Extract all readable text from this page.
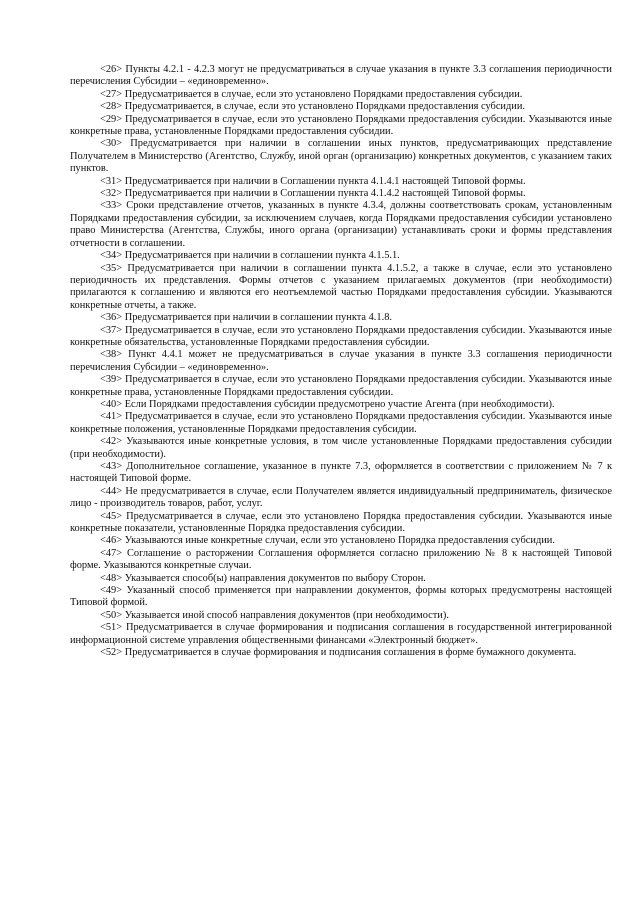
<26> Пункты 4.2.1 - 4.2.3 могут не предусматриваться в случае указания в пункте 3.3 соглашения периодичности перечисления Субсидии – «единовременно».

<27> Предусматривается в случае, если это установлено Порядками предоставления субсидии.

<28> Предусматривается, в случае, если это установлено Порядками предоставления субсидии.

<29> Предусматривается в случае, если это установлено Порядками предоставления субсидии. Указываются иные конкретные права, установленные Порядками предоставления субсидии.

<30> Предусматривается при наличии в соглашении иных пунктов, предусматривающих представление Получателем в Министерство (Агентство, Службу, иной орган (организацию) конкретных документов, с указанием таких пунктов.

<31> Предусматривается при наличии в Соглашении пункта 4.1.4.1 настоящей Типовой формы.

<32> Предусматривается при наличии в Соглашении пункта 4.1.4.2 настоящей Типовой формы.

<33> Сроки представление отчетов, указанных в пункте 4.3.4, должны соответствовать срокам, установленным Порядками предоставления субсидии, за исключением случаев, когда Порядками предоставления субсидии установлено право Министерства (Агентства, Службы, иного органа (организации) устанавливать сроки и формы представления отчетности в соглашении.

<34> Предусматривается при наличии в соглашении пункта 4.1.5.1.

<35> Предусматривается при наличии в соглашении пункта 4.1.5.2, а также в случае, если это установлено периодичность их представления. Формы отчетов с указанием прилагаемых документов (при необходимости) прилагаются к соглашению и являются его неотъемлемой частью Порядками предоставления субсидии. Указываются конкретные отчеты, а также.

<36> Предусматривается при наличии в соглашении пункта 4.1.8.

<37> Предусматривается в случае, если это установлено Порядками предоставления субсидии. Указываются иные конкретные обязательства, установленные Порядками предоставления субсидии.

<38> Пункт 4.4.1 может не предусматриваться в случае указания в пункте 3.3 соглашения периодичности перечисления Субсидии – «единовременно».

<39> Предусматривается в случае, если это установлено Порядками предоставления субсидии. Указываются иные конкретные права, установленные Порядками предоставления субсидии.

<40> Если Порядками предоставления субсидии предусмотрено участие Агента (при необходимости).

<41> Предусматривается в случае, если это установлено Порядками предоставления субсидии. Указываются иные конкретные положения, установленные Порядками предоставления субсидии.

<42> Указываются иные конкретные условия, в том числе установленные Порядками предоставления субсидии (при необходимости).

<43> Дополнительное соглашение, указанное в пункте 7.3, оформляется в соответствии с приложением № 7 к настоящей Типовой форме.

<44> Не предусматривается в случае, если Получателем является индивидуальный предприниматель, физическое лицо - производитель товаров, работ, услуг.

<45> Предусматривается в случае, если это установлено Порядка предоставления субсидии. Указываются иные конкретные показатели, установленные Порядка предоставления субсидии.

<46> Указываются иные конкретные случаи, если это установлено Порядка предоставления субсидии.

<47> Соглашение о расторжении Соглашения оформляется согласно приложению № 8 к настоящей Типовой форме. Указываются конкретные случаи.

<48> Указывается способ(ы) направления документов по выбору Сторон.

<49> Указанный способ применяется при направлении документов, формы которых предусмотрены настоящей Типовой формой.

<50> Указывается иной способ направления документов (при необходимости).

<51> Предусматривается в случае формирования и подписания соглашения в государственной интегрированной информационной системе управления общественными финансами «Электронный бюджет».

<52> Предусматривается в случае формирования и подписания соглашения в форме бумажного документа.
